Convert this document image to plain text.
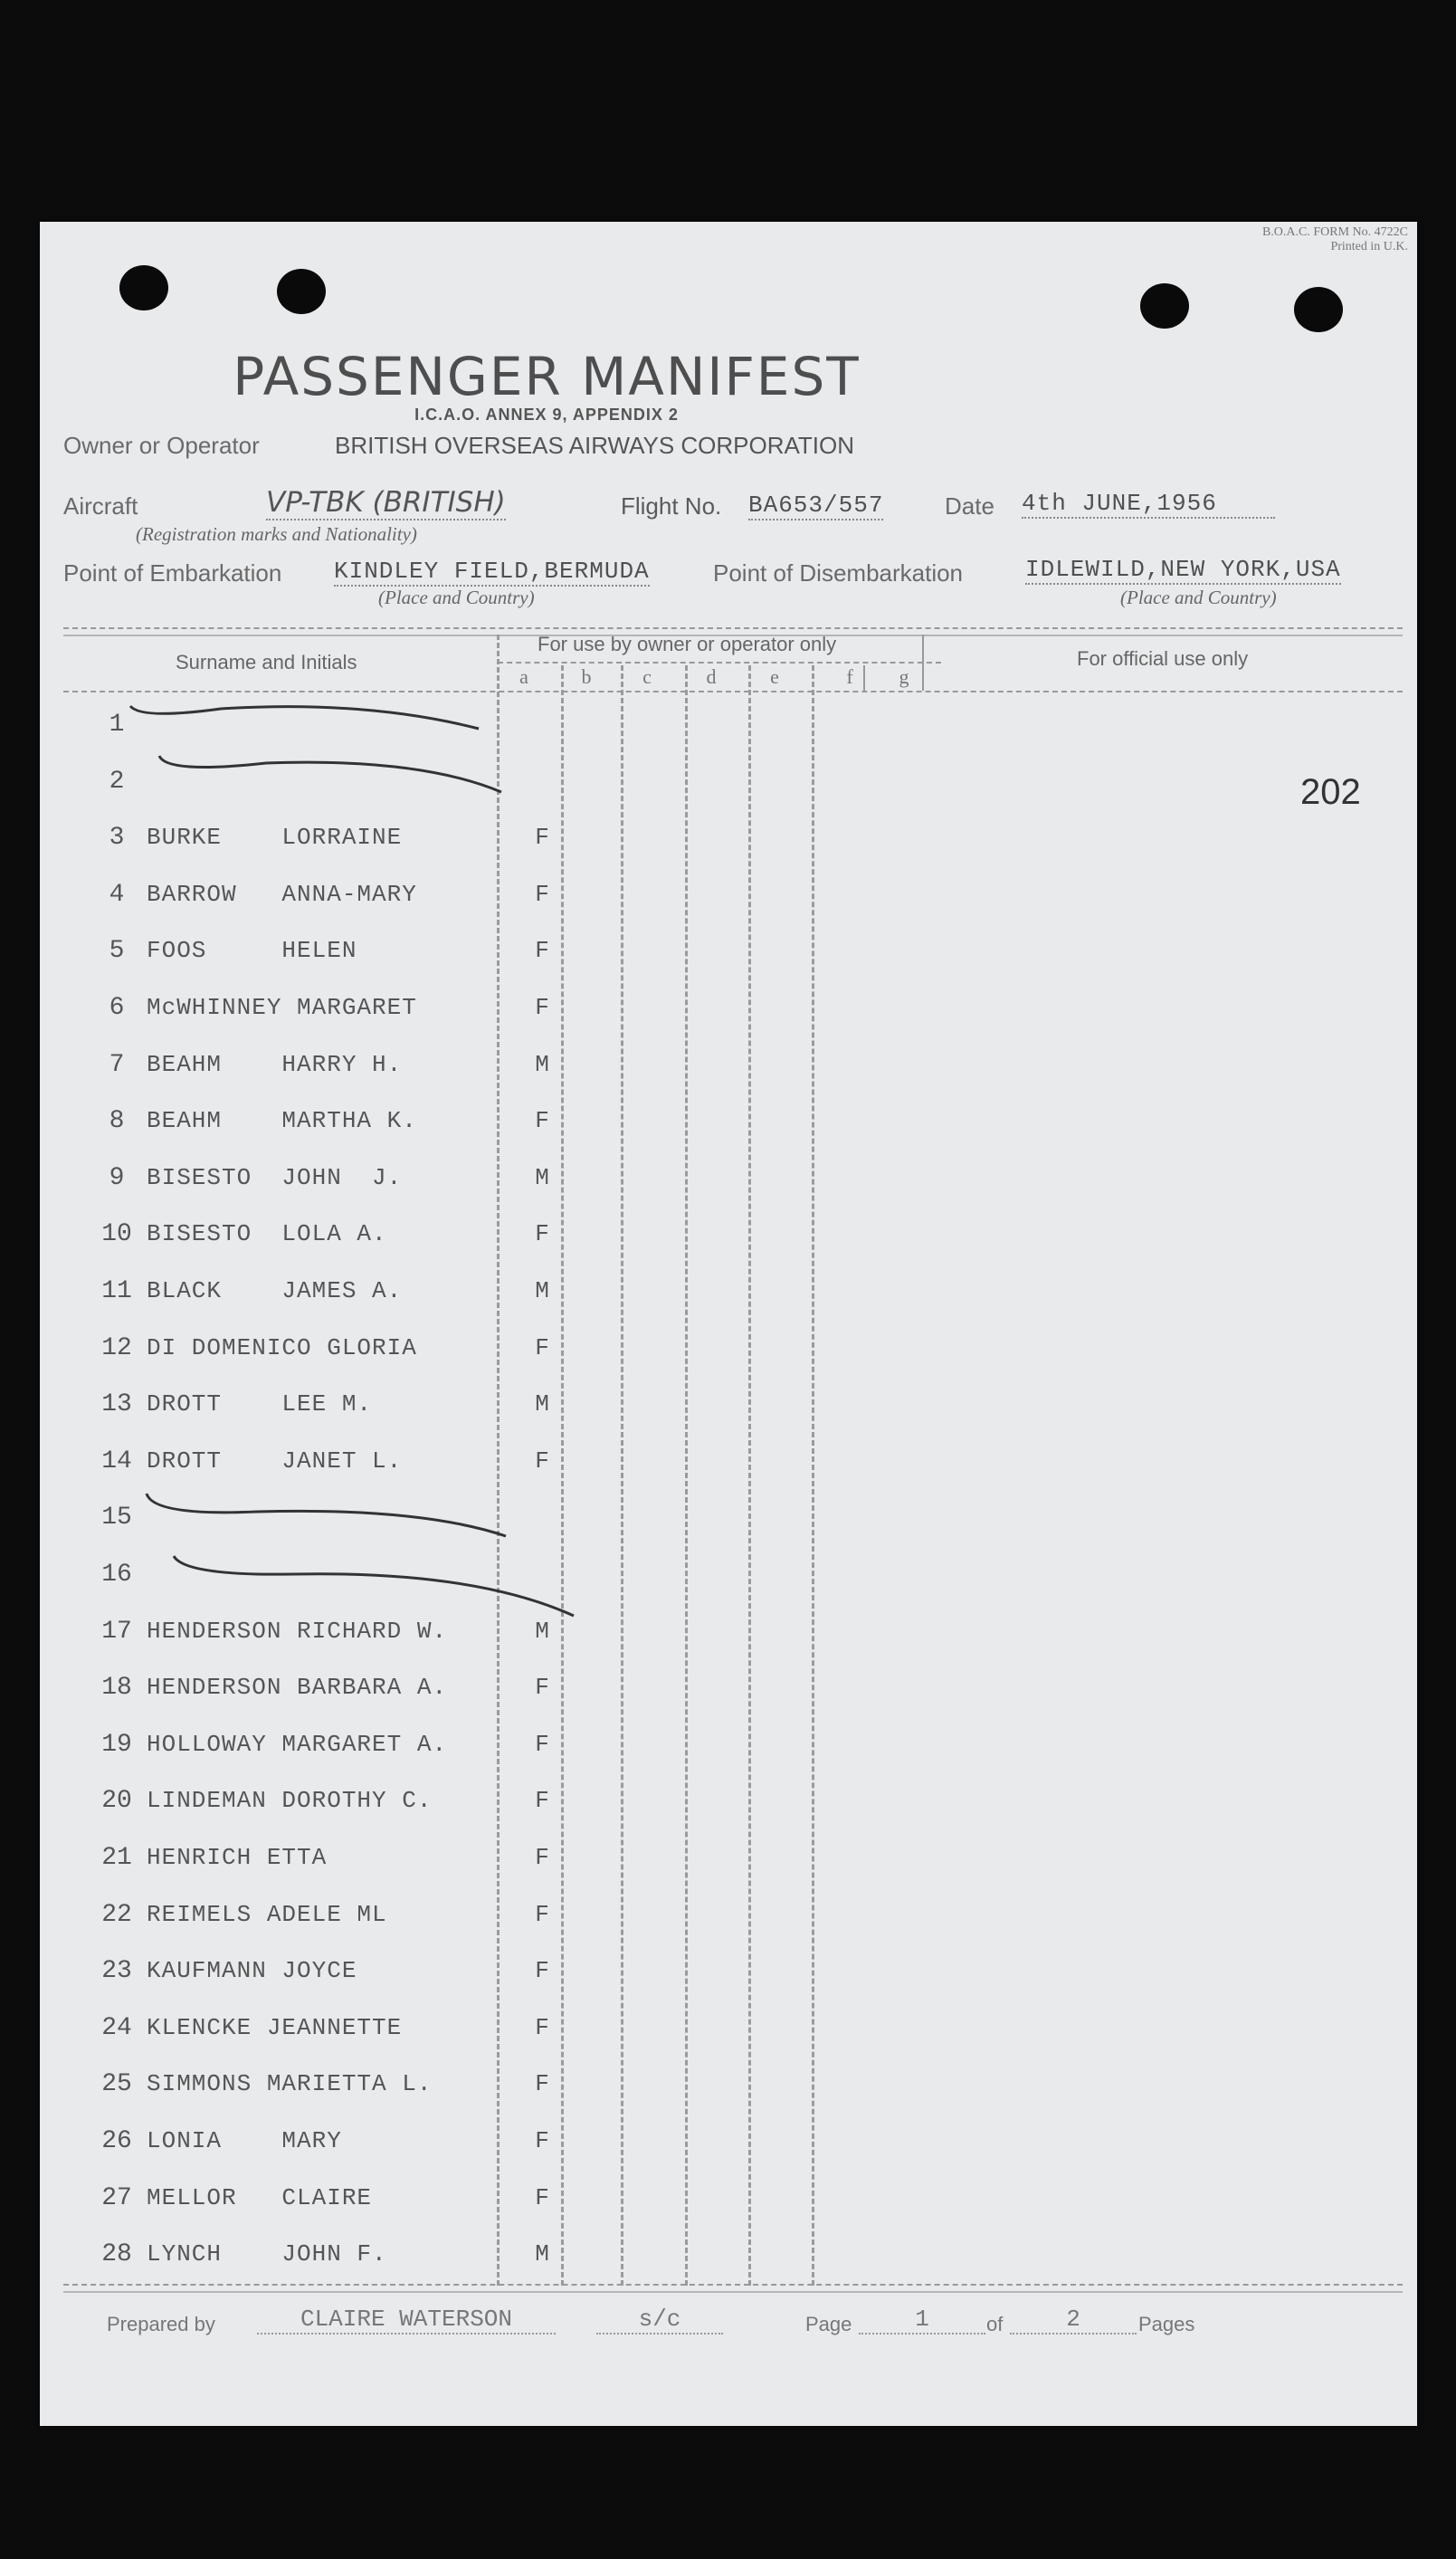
B.O.A.C. FORM No. 4722C
Printed in U.K.
PASSENGER MANIFEST
I.C.A.O. ANNEX 9, APPENDIX 2
Owner or Operator	BRITISH OVERSEAS AIRWAYS CORPORATION
Aircraft	VP-TBK (BRITISH)
(Registration marks and Nationality)
Flight No. BA653/557	Date 4th JUNE,1956
Point of Embarkation KINDLEY FIELD,BERMUDA
(Place and Country)
Point of Disembarkation	IDLEWILD,NEW YORK,USA
(Place and Country)
Surname and Initials
For use by owner or operator only
For official use only
a	b	c	d	e	f	g
202
1
2
3 BURKE    LORRAINE	F
4 BARROW   ANNA-MARY	F
5 FOOS     HELEN	F
6 McWHINNEY MARGARET	F
7 BEAHM    HARRY H.	M
8 BEAHM    MARTHA K.	F
9 BISESTO  JOHN  J.	M
10 BISESTO  LOLA A.	F
11 BLACK    JAMES A.	M
12 DI DOMENICO GLORIA	F
13 DROTT    LEE M.	M
14 DROTT    JANET L.	F
15
16
17 HENDERSON RICHARD W.	M
18 HENDERSON BARBARA A.	F
19 HOLLOWAY MARGARET A.	F
20 LINDEMAN DOROTHY C.	F
21 HENRICH ETTA	F
22 REIMELS ADELE ML	F
23 KAUFMANN JOYCE	F
24 KLENCKE JEANNETTE	F
25 SIMMONS MARIETTA L.	F
26 LONIA    MARY	F
27 MELLOR   CLAIRE	F
28 LYNCH    JOHN F.	M
Prepared by	CLAIRE WATERSON	s/c	Page	1	of	2	Pages
